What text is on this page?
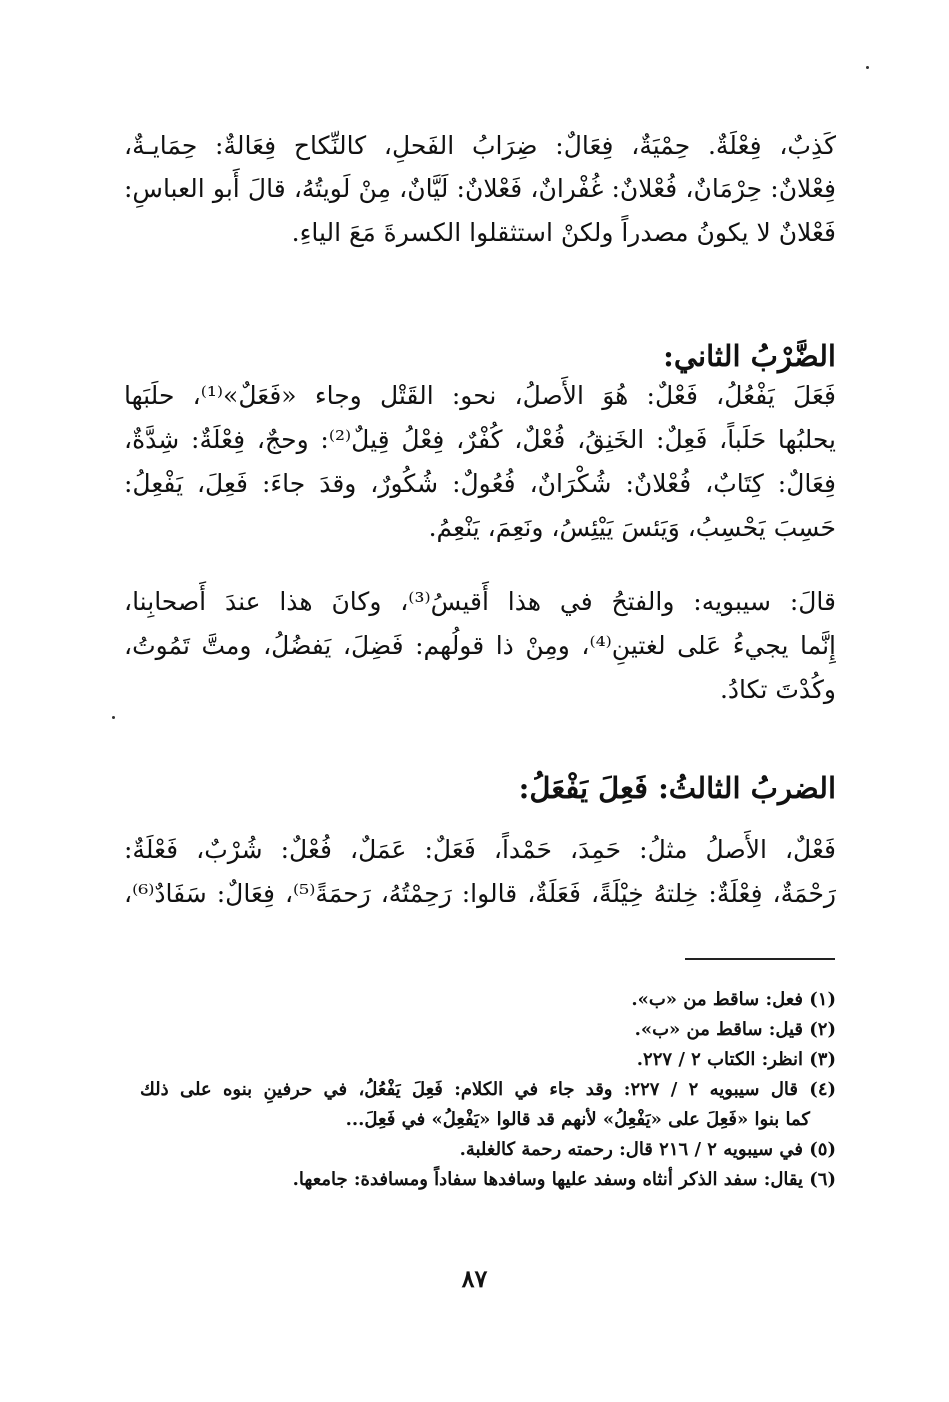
كَذِبٌ، فِعْلَةٌ. حِمْيَةٌ، فِعَالٌ: ضِرَابُ الفَحلِ، كالنِّكاح فِعَالةٌ: حِمَايـةٌ،
فِعْلانٌ: حِرْمَانٌ، فُعْلانٌ: غُفْرانٌ، فَعْلانٌ: لَيَّانٌ، مِنْ لَويتُهُ، قالَ أَبو العباسِ:
فَعْلانٌ لا يكونُ مصدراً ولكنْ استثقلوا الكسرةَ مَعَ الياءِ.
الضَّرْبُ الثاني:
فَعَلَ يَفْعُلُ، فَعْلٌ: هُوَ الأَصلُ، نحو: القَتْل وجاء «فَعَلٌ»⁽¹⁾، حلَبَها
يحلبُها حَلَباً، فَعِلٌ: الخَنِقُ، فُعْلٌ، كُفْرٌ، فِعْلُ قِيلٌ⁽²⁾: وحجٌ، فِعْلَةٌ: شِدَّةٌ،
فِعَالٌ: كِتَابٌ، فُعْلانٌ: شُكْرَانٌ، فُعُولٌ: شُكُورٌ، وقدَ جاءَ: فَعِلَ، يَفْعِلُ:
حَسِبَ يَحْسِبُ، وَيَئسَ يَيْئِسُ، ونَعِمَ، يَنْعِمُ.
قالَ: سيبويه: والفتحُ في هذا أَقيسُ⁽³⁾، وكانَ هذا عندَ أَصحابِنا،
إِنَّما يجيءُ عَلى لغتينِ⁽⁴⁾، ومِنْ ذا قولُهم: فَضِلَ، يَفضُلُ، ومتَّ تَمُوتُ،
وكُدْتَ تكادُ.
الضربُ الثالثُ: فَعِلَ يَفْعَلُ:
فَعْلٌ، الأَصلُ مثلُ: حَمِدَ، حَمْداً، فَعَلٌ: عَمَلٌ، فُعْلٌ: شُرْبٌ، فَعْلَةٌ:
رَحْمَةٌ، فِعْلَةٌ: خِلتهُ خِيْلَةً، فَعَلَةٌ، قالوا: رَحِمْتُهُ، رَحمَةً⁽⁵⁾، فِعَالٌ: سَفَادٌ⁽⁶⁾،
(١) فعل: ساقط من «ب».
(٢) قيل: ساقط من «ب».
(٣) انظر: الكتاب ٢ / ٢٢٧.
(٤) قال سيبويه ٢ / ٢٢٧: وقد جاء في الكلام: فَعِلَ يَفْعُلُ، في حرفينِ بنوه على ذلك
كما بنوا «فَعِلَ على «يَفْعِلُ» لأنهم قد قالوا «يَفْعِلُ» في فَعِلَ...
(٥) في سيبويه ٢ / ٢١٦ قال: رحمته رحمة كالغلبة.
(٦) يقال: سفد الذكر أنثاه وسفد عليها وسافدها سفاداً ومسافدة: جامعها.
٨٧
